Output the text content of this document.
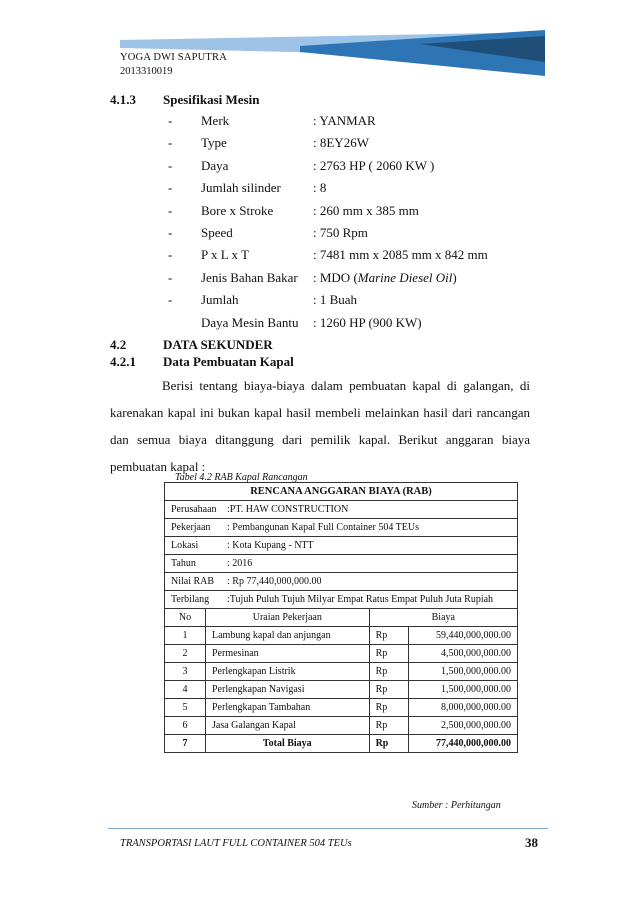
YOGA DWI SAPUTRA
2013310019
4.1.3 Spesifikasi Mesin
- Merk	: YANMAR
- Type	: 8EY26W
- Daya	: 2763 HP ( 2060 KW )
- Jumlah silinder : 8
- Bore x Stroke	: 260 mm x 385 mm
- Speed	: 750 Rpm
- P x L x T	: 7481 mm x 2085 mm x 842 mm
- Jenis Bahan Bakar : MDO (Marine Diesel Oil)
- Jumlah	: 1 Buah
Daya Mesin Bantu : 1260 HP (900 KW)
4.2	DATA SEKUNDER
4.2.1 Data Pembuatan Kapal
Berisi tentang biaya-biaya dalam pembuatan kapal di galangan, di karenakan kapal ini bukan kapal hasil membeli melainkan hasil dari rancangan dan semua biaya ditanggung dari pemilik kapal. Berikut anggaran biaya pembuatan kapal :
Tabel 4.2 RAB Kapal Rancangan
RENCANA ANGGARAN BIAYA (RAB)			
Perusahaan :PT. HAW CONSTRUCTION			
Pekerjaan : Pembangunan Kapal Full Container 504 TEUs			
Lokasi : Kota Kupang - NTT			
Tahun : 2016			
Nilai RAB : Rp 77,440,000,000.00			
Terbilang :Tujuh Puluh Tujuh Milyar Empat Ratus Empat Puluh Juta Rupiah			
No	Uraian Pekerjaan	Biaya	
1	Lambung kapal dan anjungan	Rp	59,440,000,000.00
2	Permesinan	Rp	4,500,000,000.00
3	Perlengkapan Listrik	Rp	1,500,000,000.00
4	Perlengkapan Navigasi	Rp	1,500,000,000.00
5	Perlengkapan Tambahan	Rp	8,000,000,000.00
6	Jasa Galangan Kapal	Rp	2,500,000,000.00
7	Total Biaya	Rp	77,440,000,000.00
Sumber : Perhitungan
TRANSPORTASI LAUT FULL CONTAINER 504 TEUs	38
